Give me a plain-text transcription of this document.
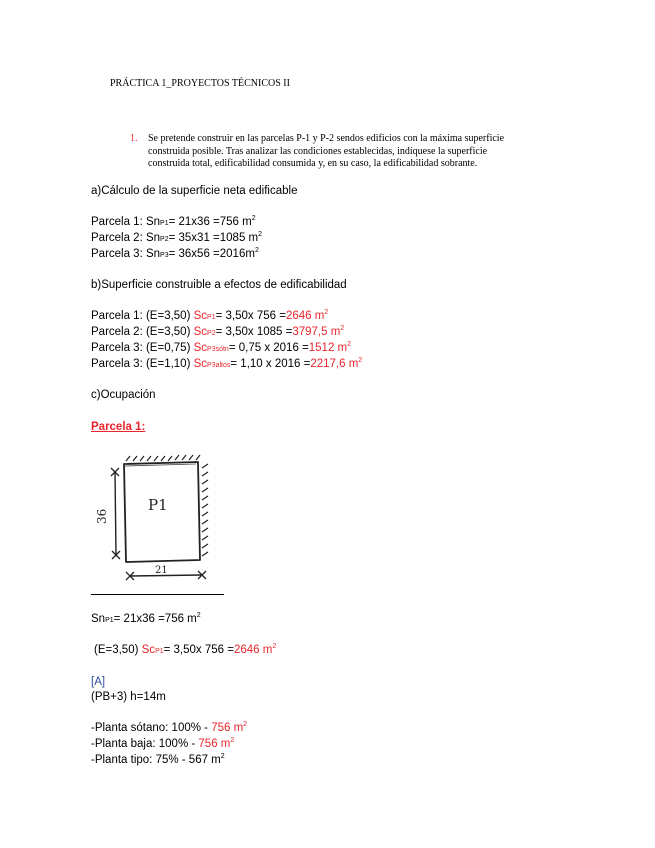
PRÁCTICA 1_PROYECTOS TÉCNICOS II
1. Se pretende construir en las parcelas P-1 y P-2 sendos edificios con la máxima superficie
construida posible. Tras analizar las condiciones establecidas, indíquese la superficie
construida total, edificabilidad consumida y, en su caso, la edificabilidad sobrante.
a)Cálculo de la superficie neta edificable
Parcela 1: SnP1= 21x36 =756 $m^2$
Parcela 2: SnP2= 35x31 =1085 $m^2$
Parcela 3: $SnP3= 36x56 =2016m^2$
b)Superficie construible a efectos de edificabilidad
Parcela 1: (E=3,50) ScP1= 3,50x 756 =2646 $m^2$
Parcela 2: (E=3,50) ScP2= 3,50x 1085 =3797,5 $m^2$
Parcela 3: (E=0,75) ScP3sótn= 0,75 x 2016 =1512 $m^2$
Parcela 3: (E=1,10) ScP3altos= 1,10 x 2016 =2217,6 $m^2$
c)Ocupación
Parcela 1:
P1
21
36
SnP1= 21x36 =756 $m^2$
(E=3,50) ScP1= 3,50x 756 =2646 $m^2$
[A]
(PB+3) h=14m
-Planta sótano: 100% - 756 $m^2$
-Planta baja: 100% - 756 $m^2$
-Planta tipo: 75% - 567 $m^2$
